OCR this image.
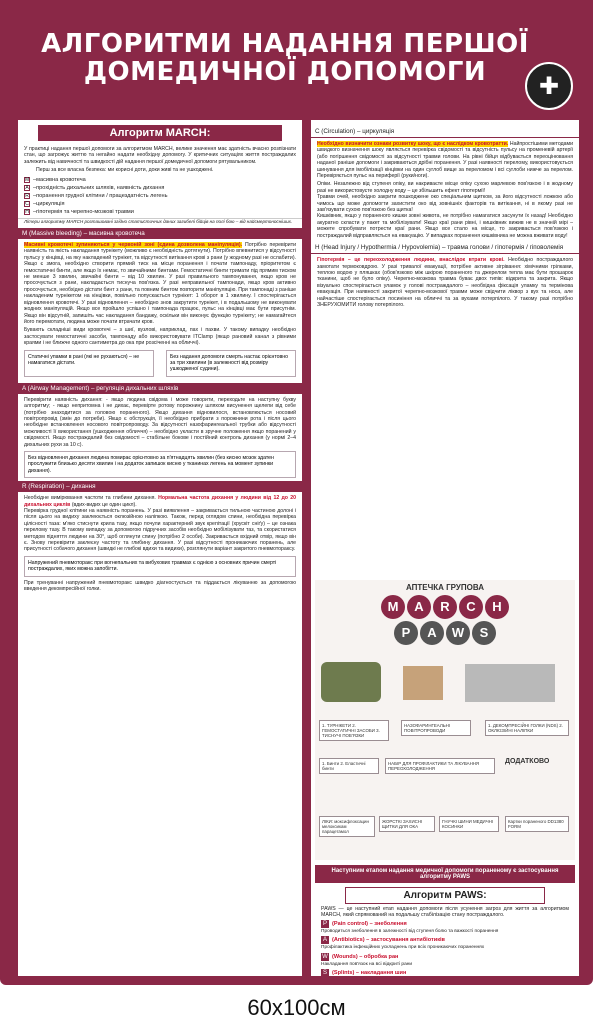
АЛГОРИТМИ НАДАННЯ ПЕРШОЇ ДОМЕДИЧНОЇ ДОПОМОГИ	✚
Алгоритм MARCH:
У практиці надання першої допомоги за алгоритмом MARCH, велике значення має здатність вчасно розпізнати стан, що загрожує життю та негайно надати необхідну допомогу. У критичних ситуаціях життя постраждалих залежить від навичності та швидкості дій надання першої домедичної допомоги рятувальником.
Перш за все власна безпека: ми корисні доти, доки живі та не ушкоджені.
M – масивна кровотеча
A – прохідність дихальних шляхів, наявність дихання
R – поранення грудної клітини / працездатність легень
C – циркуляція
H – гіпотермія та черепно-мозкові травми
Літери алгоритму MARCH розташовані згідно статистичних даних загибелі бійців на полі бою – від найсмертоносніших.
M (Massive bleeding) – масивна кровотеча
Масивні кровотечі зупиняються у червоній зоні (єдина дозволена маніпуляція). Потрібно перевірити наявність та якість накладання турнікету (можливо є необхідність дотягнути). Потрібно впевнитися у відсутності пульсу у кінцівці, на яку накладений турнікет, та відсутності витікання крові з рани (у жодному разі не ослабити). Якщо є змога, необхідно створити прямий тиск на місце поранення і почати тампонаду, пріоритетом є гемостатичні бинти, але якщо їх немає, то звичайними бинтами. Гемостатичні бинти тримати під прямим тиском не менше 3 хвилин, звичайні бинти – від 10 хвилин. У разі правильного тампонування, якщо кров не просочується з рани, накладається тиснуча пов'язка. У разі неправильної тампонади, якщо кров активно просочується, необхідно дістати бинт з рани, та повним бинтом повторити маніпуляцію. При тампонаді з раніше накладеним турнікетом на кінцівки, повільно попускається турнікет: 1 оборот в 1 хвилину. І спостерігається відновлення кровотечі. У разі відновлення – необхідно знов закрутити турнікет, і в подальшому не виконувати жодних маніпуляцій. Якщо все пройшло успішно і тампонада працює, пульс на кінцівці має бути присутнім. Якщо він відсутній, запишіть час накладання бандажу, оскільки він виконує функцію турнікету; не намагайтеся його перемотати, людина може почати втрачати кров.
Бувають складніші види кровотечі – з шиї, вузлові, наприклад, пах і пахви. У такому випадку необхідно застосувати гемостатичні засоби, тампонаду або використовувати ITClamp (якщо рановий канал з рівними краями і не ближче одного сантиметра до ока при розсіченні на обличчі).
Статичні упамки в рані (які не рухаються) – не намагатися дістати.
Без надання допомоги смерть настає орієнтовно за три хвилини (в залежності від розміру ушкодженої судини).
A (Airway Management) – регуляція дихальних шляхів
Перевірити наявність дихання: - якщо людина свідома і може говорити, переходьте на наступну букву алгоритму; - якщо непритомна і не дихає, перевірте ротову порожнину шляхом висунення щелепи від себе (потрібно знаходитися за головою пораненого). Якщо дихання відновилося, встановлюється носовий повітропровід (змін до потреби). Якщо є обструкція, її необхідно прибрати з порожнини рота і після цього необхідне встановлення носового повітропроводу. За відсутності назофарингеальної трубки або відсутності можливості її використання (ушкодження обличчя) – необхідно укласти в зручне положення якщо поранений у свідомості. Якщо постраждалий без свідомості – стабільне бокове і постійний контроль дихання (у нормі 2–4 дихальних рухи за 10 с).
Без відновлення дихання людина помирає орієнтовно за п'ятнадцять хвилин (без кисню мозок здатен прослужити близько десяти хвилин і на додаток запишок кисню у тканинах легень на момент зупинки дихання).
R (Respiration) – дихання
Необхідне вимірювання частоти та глибини дихання. Нормальна частота дихання у людини від 12 до 20 дихальних циклів (вдих-видих це один цикл).
Перевірка грудної клітини на наявність поранень. У разі виявлення – закривається тильною частиною долоні і після цього на видиху заклеюється оклюзійною наліпкою. Також, перед оглядом спини, необхідна перевірка цілісності таза: м'яко стиснути крила тазу, якщо почули характерний звук крепітації (хрускіт сніґу) – це ознака перелому тазу. В такому випадку за допомогою підручних засобів необхідно мобілізувати таз, та скористатися методом підняття людини на 30°, щоб оглянути спину (потрібно 2 особи). Закривається вхідний отвір, якщо він є. Знову перевірити заклеєну частоту та глибину дихання. У разі відсутності проникаючих поранень, але присутності собачого дихання (швидкі не глибокі вдихи та видихи), розглянути варіант закритого пневмотораксу.
Напружений пневмоторакс при вогнепальних та вибухових травмах є однією з основних причин смерті постраждалих, яких можна запобігти.
При тренуванні напружений пневмоторакс швидко діагностується та піддається лікуванню за допомогою введення декомпресійної голки.
C (Circulation) – циркуляція
Необхідно визначити ознаки розвитку шоку, що є наслідком кровотратти. Найпростішими методами швидкого визначення шоку являється перевірка свідомості та відсутність пульсу на променевій артерії (або погіршення свідомості за відсутності травми голови. На рівні бійця відбувається переоцінювання наданої раніше допомоги і закриваються дрібні поранення. У разі наявності перелому, використовується шинування для імобілізації кінцівки на один суглоб вище за переломом і всі суглоби нижче за перелом. Перевіряється пульс на периферії (руки/ноги).
Опіки. Незалежно від ступеня опіку, ви накриваєте місце опіку сухою марлевою пов'язкою і в жодному разі не використовуєте холодну воду – це збільшить ефект гіпотермії!
Травми очей, необхідно закрити пошкоджене око спеціальним щитком, за його відсутності ложкою або чимось що може допомогти захистити око від зовнішніх факторів та витікання, ні в якому разі не зав'язувати сухою пов'язкою без щитка!
Кишківник, якщо у пораненого кишки зовні живота, не потрібно намагатися засунути їх назад! Необхідно акуратно скласти у пакет та мобілізувати! Якщо краї рани рівні, і кишківник вижив не в значній мірі – можете спробувати потрести краї рани. Якщо все стало на місце, то закривається пов'язкою і постраждалий відправляється на евакуацію. У випадках поранення кишківника не можна вживати воду!
H (Head Injury / Hypothermia / Hypovolemia) – травма голови / гіпотермія / гіповолемія
Гіпотермія – це переохолодження людини, внаслідок втрати крові. Необхідно постраждалого замотати термоковдрою. У разі тривалої евакуації, потрібне активне зігрівання: хімічними грілками, теплою водою у пляшках (обов'язково між шкірою пораненого та джерелом тепла має бути прошарок тканини, щоб не було опіку). Черепно-мозкова травма буває двох типів: відкрита та закрита. Якщо візуально спостерігається уламок у голові постраждалого – необхідна фіксація уламку та термінова евакуація. При наявності закритої черепно-мозкової травми може свідчити ліквор з вух та носа, але найчастіше спостерігається посиніння на обличчі та за вухами потерпілого. У такому разі потрібно ЗНЕРУХОМИТИ голову потерпілого.
АПТЕЧКА ГРУПОВА
M A R C H
P A W S
1. ТУРНІКЕТИ 2. ГЕМОСТАТИЧНІ ЗАСОБИ 3. ТИСНУЧІ ПОВ'ЯЗКИ
НАЗОФАРИНГЕАЛЬНІ ПОВІТРОПРОВОДИ
1. ДЕКОМПРЕСІЙНІ ГОЛКИ (NDS) 2. ОКЛЮЗІЙНІ НАЛІПКИ
1. Бинти 2. Еластичні бинти
НАБІР ДЛЯ ПРОФІЛАКТИКИ ТА ЛІКУВАННЯ ПЕРЕОХОЛОДЖЕННЯ
ДОДАТКОВО
Картки пораненого DD1380 FORM
ЛІКИ: моксифлоксацин мелоксикам парацетамол
ЖОРСТКІ ЗАХИСНІ ЩИТКИ ДЛЯ ОКА
ГНУЧКІ ШИНИ МЕДИЧНІ КОСИНКИ
Наступним етапом надання медичної допомоги пораненому є застосування алгоритму PAWS
Алгоритм PAWS:
PAWS — це наступний етап надання допомоги після усунення загроз для життя за алгоритмом MARCH, який спрямований на подальшу стабілізацію стану постраждалого.
P (Pain control) – знеболення
Проводиться знеболення в залежності від ступеня болю та важкості поранення
A (Antibiotics) – застосування антибіотиків
Профілактика інфекційних ускладнень при всіх проникаючих пораненнях
W (Wounds) – обробка ран
Накладання пов'язок на всі відкриті рани
S (Splints) – накладання шин
60х100см
